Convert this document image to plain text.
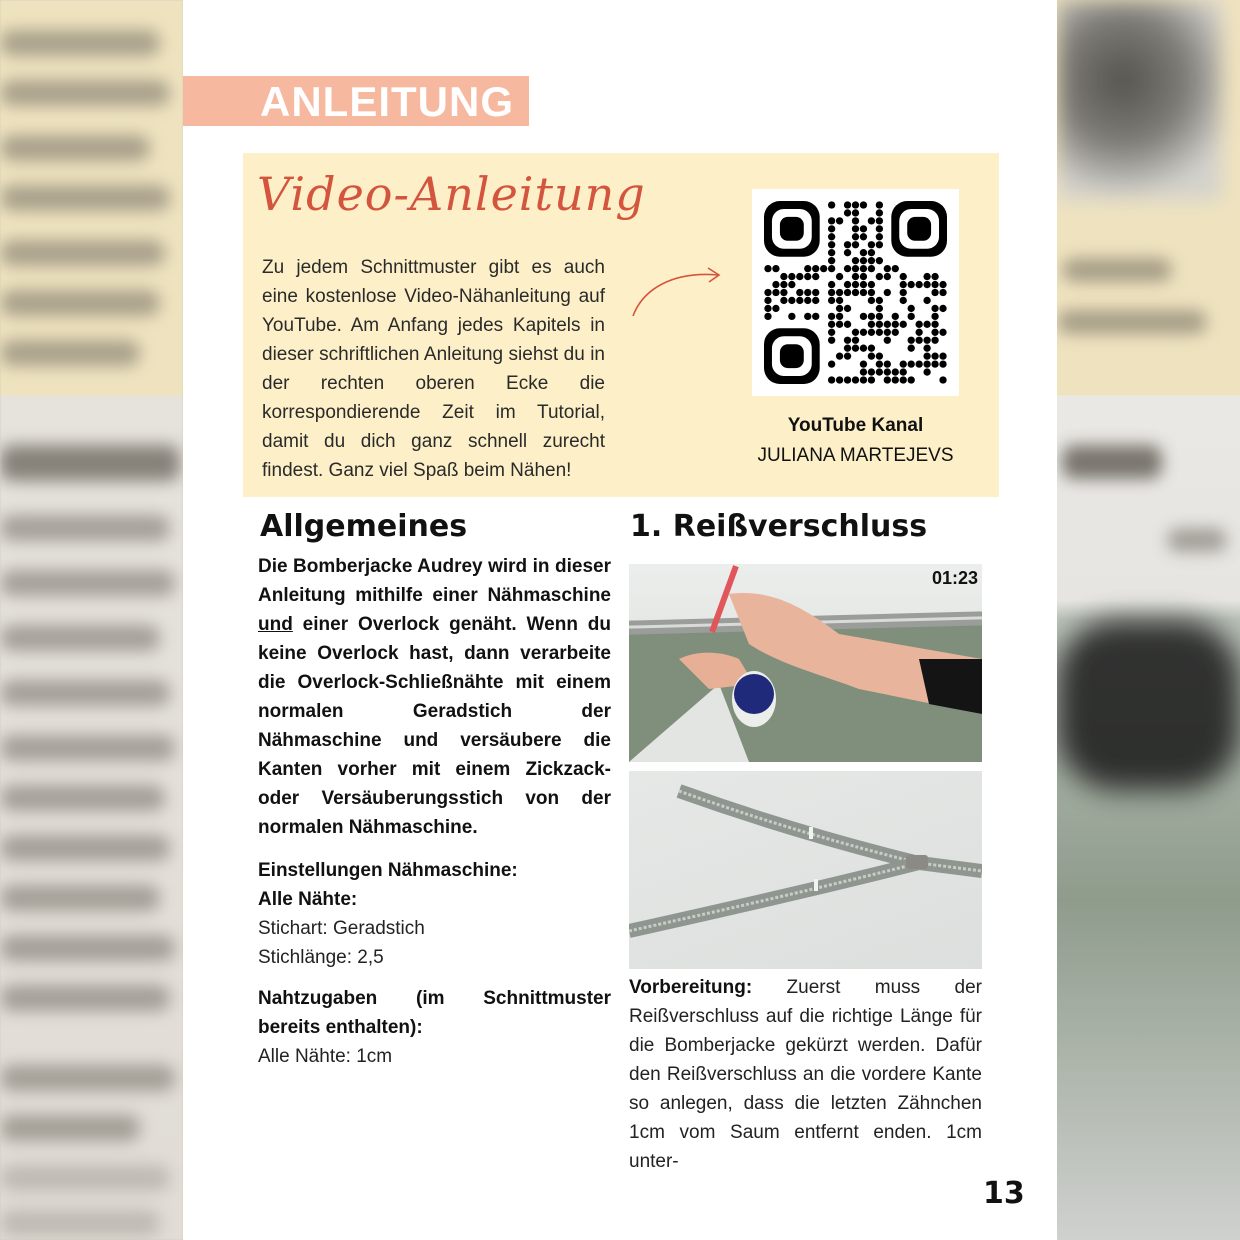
ANLEITUNG
Video-Anleitung
Zu jedem Schnittmuster gibt es auch eine kostenlose Video-Nähanleitung auf YouTube. Am Anfang jedes Kapitels in dieser schriftlichen Anleitung siehst du in der rechten oberen Ecke die korrespondierende Zeit im Tutorial, damit du dich ganz schnell zurecht findest. Ganz viel Spaß beim Nähen!
YouTube Kanal
JULIANA MARTEJEVS
Allgemeines	1. Reißverschluss
Die Bomberjacke Audrey wird in dieser Anleitung mithilfe einer Nähmaschine und einer Overlock genäht. Wenn du keine Overlock hast, dann verarbeite die Overlock-Schließnähte mit einem normalen Geradstich der Nähmaschine und versäubere die Kanten vorher mit einem Zickzack- oder Versäuberungsstich von der normalen Nähmaschine.
Einstellungen Nähmaschine:
Alle Nähte:
Stichart: Geradstich
Stichlänge: 2,5
Nahtzugaben (im Schnittmuster bereits enthalten):
Alle Nähte: 1cm
01:23
Vorbereitung: Zuerst muss der Reißverschluss auf die richtige Länge für die Bomberjacke gekürzt werden. Dafür den Reißverschluss an die vordere Kante so anlegen, dass die letzten Zähnchen 1cm vom Saum entfernt enden. 1cm unter-
13
